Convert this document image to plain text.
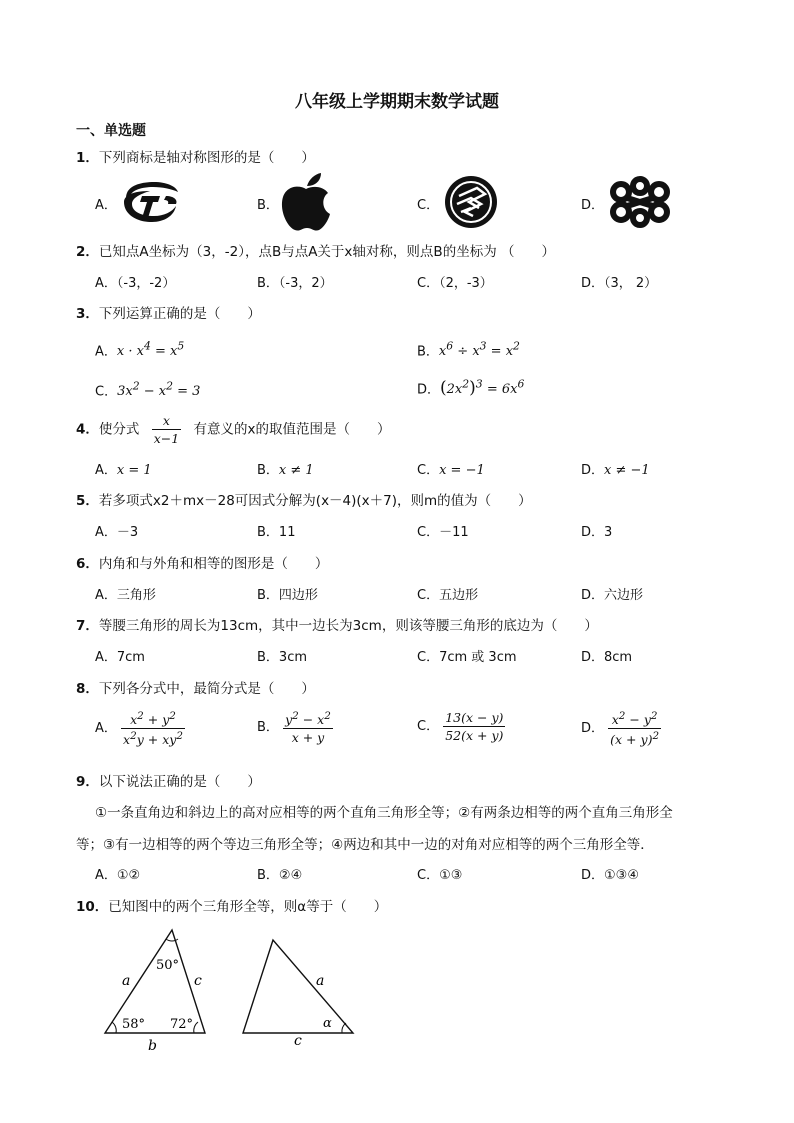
八年级上学期期末数学试题
一、单选题
1．下列商标是轴对称图形的是（　　）
A．	B．	C．	D．
2．已知点A坐标为（3，-2），点B与点A关于x轴对称，则点B的坐标为 （　　）
A．（-3，-2）	B．（-3，2）	C．（2，-3）	D．（3， 2）
3．下列运算正确的是（　　）
A．$x \cdot x^4 = x^5$	B．$x^6 \div x^3 = x^2$
C．$3x^2 - x^2 = 3$	D．$(2x^2)^3 = 6x^6$
4．使分式 $\frac{x}{x-1}$ 有意义的x的取值范围是（　　）
A．x = 1	B．x ≠ 1	C．x = −1	D．x ≠ −1
5．若多项式x2＋mx－28可因式分解为(x－4)(x＋7)，则m的值为（　　）
A．－3	B．11	C．－11	D．3
6．内角和与外角和相等的图形是（　　）
A．三角形	B．四边形	C．五边形	D．六边形
7．等腰三角形的周长为13cm，其中一边长为3cm，则该等腰三角形的底边为（　　）
A．7cm	B．3cm	C．7cm 或 3cm	D．8cm
8．下列各分式中，最简分式是（　　）
A． $\frac{x^2 + y^2}{x^2y + xy^2}$	B． $\frac{y^2 - x^2}{x + y}$	C． $\frac{13(x - y)}{52(x + y)}$	D． $\frac{x^2 - y^2}{(x + y)^2}$
9．以下说法正确的是（　　）
①一条直角边和斜边上的高对应相等的两个直角三角形全等；②有两条边相等的两个直角三角形全
等；③有一边相等的两个等边三角形全等；④两边和其中一边的对角对应相等的两个三角形全等．
A．①②	B．②④	C．①③	D．①③④
10．已知图中的两个三角形全等，则α等于（　　）
50°
58° 72°
a	c
b
a
c
α
